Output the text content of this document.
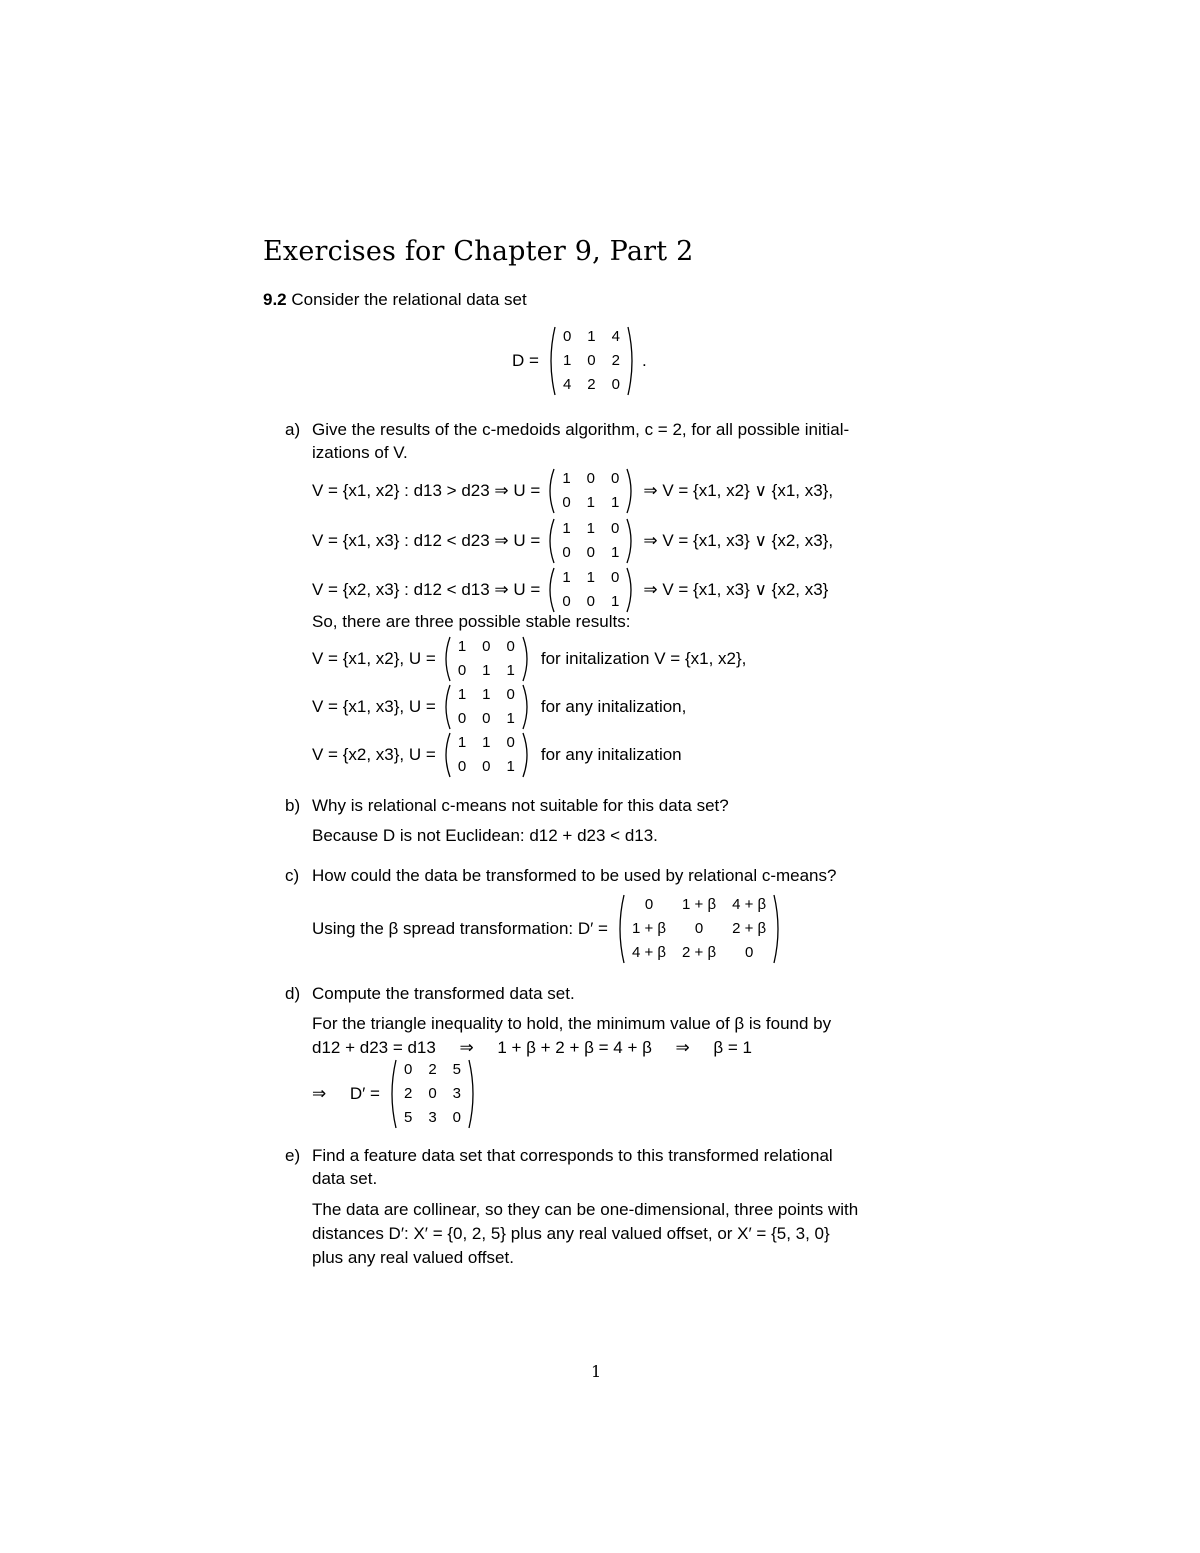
Exercises for Chapter 9, Part 2
9.2 Consider the relational data set
D =
0 1 4
1 0 2
4 2 0
.
a) Give the results of the c-medoids algorithm, c = 2, for all possible initial-
izations of V.
V = {x1, x2} : d13 > d23 ⇒ U =
1 0 0
0 1 1
⇒ V = {x1, x2} ∨ {x1, x3},
V = {x1, x3} : d12 < d23 ⇒ U =
1 1 0
0 0 1
⇒ V = {x1, x3} ∨ {x2, x3},
V = {x2, x3} : d12 < d13 ⇒ U =
1 1 0
0 0 1
⇒ V = {x1, x3} ∨ {x2, x3}
So, there are three possible stable results:
V = {x1, x2}, U =
1 0 0
0 1 1
for initalization V = {x1, x2},
V = {x1, x3}, U =
1 1 0
0 0 1
for any initalization,
V = {x2, x3}, U =
1 1 0
0 0 1
for any initalization
b) Why is relational c-means not suitable for this data set?
Because D is not Euclidean: d12 + d23 < d13.
c) How could the data be transformed to be used by relational c-means?
Using the β spread transformation: D′ =
0	1 + β 4 + β
1 + β	0	2 + β
4 + β 2 + β	0
d) Compute the transformed data set.
For the triangle inequality to hold, the minimum value of β is found by
d12 + d23 = d13     ⇒     1 + β + 2 + β = 4 + β     ⇒     β = 1
⇒     D′ =
0 2 5
2 0 3
5 3 0
e) Find a feature data set that corresponds to this transformed relational
data set.
The data are collinear, so they can be one-dimensional, three points with
distances D′: X′ = {0, 2, 5} plus any real valued offset, or X′ = {5, 3, 0}
plus any real valued offset.
1
